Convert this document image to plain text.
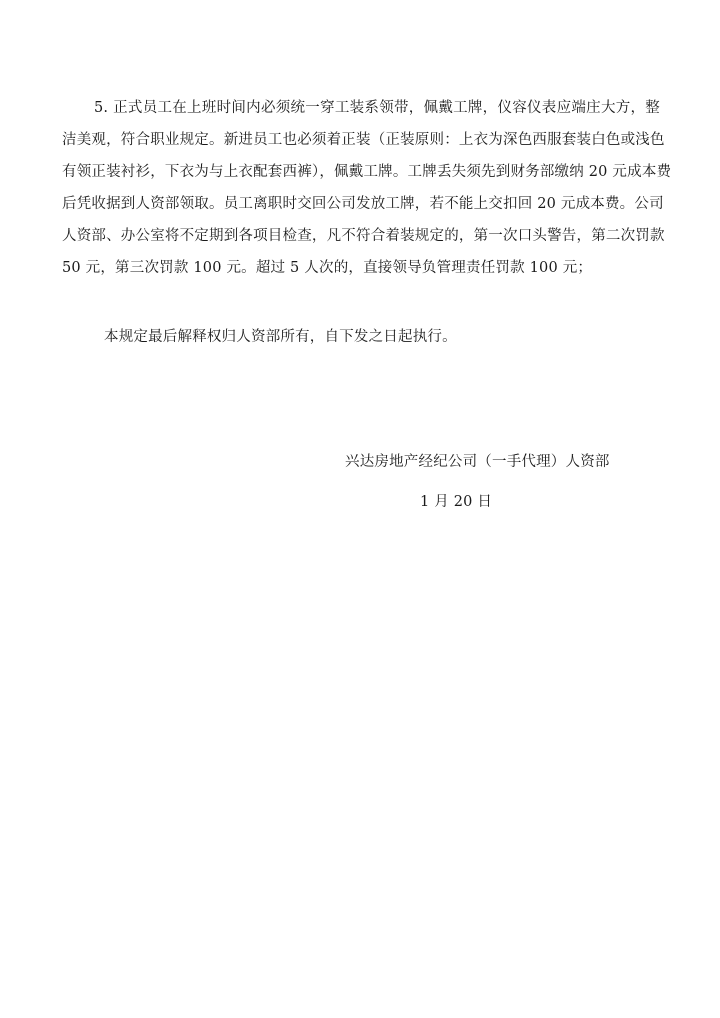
5. 正式员工在上班时间内必须统一穿工装系领带，佩戴工牌，仪容仪表应端庄大方，整
洁美观，符合职业规定。新进员工也必须着正装（正装原则：上衣为深色西服套装白色或浅色
有领正装衬衫，下衣为与上衣配套西裤），佩戴工牌。工牌丢失须先到财务部缴纳 20 元成本费
后凭收据到人资部领取。员工离职时交回公司发放工牌，若不能上交扣回 20 元成本费。公司
人资部、办公室将不定期到各项目检查，凡不符合着装规定的，第一次口头警告，第二次罚款
50 元，第三次罚款 100 元。超过 5 人次的，直接领导负管理责任罚款 100 元；

本规定最后解释权归人资部所有，自下发之日起执行。

兴达房地产经纪公司（一手代理）人资部
1 月 20 日
